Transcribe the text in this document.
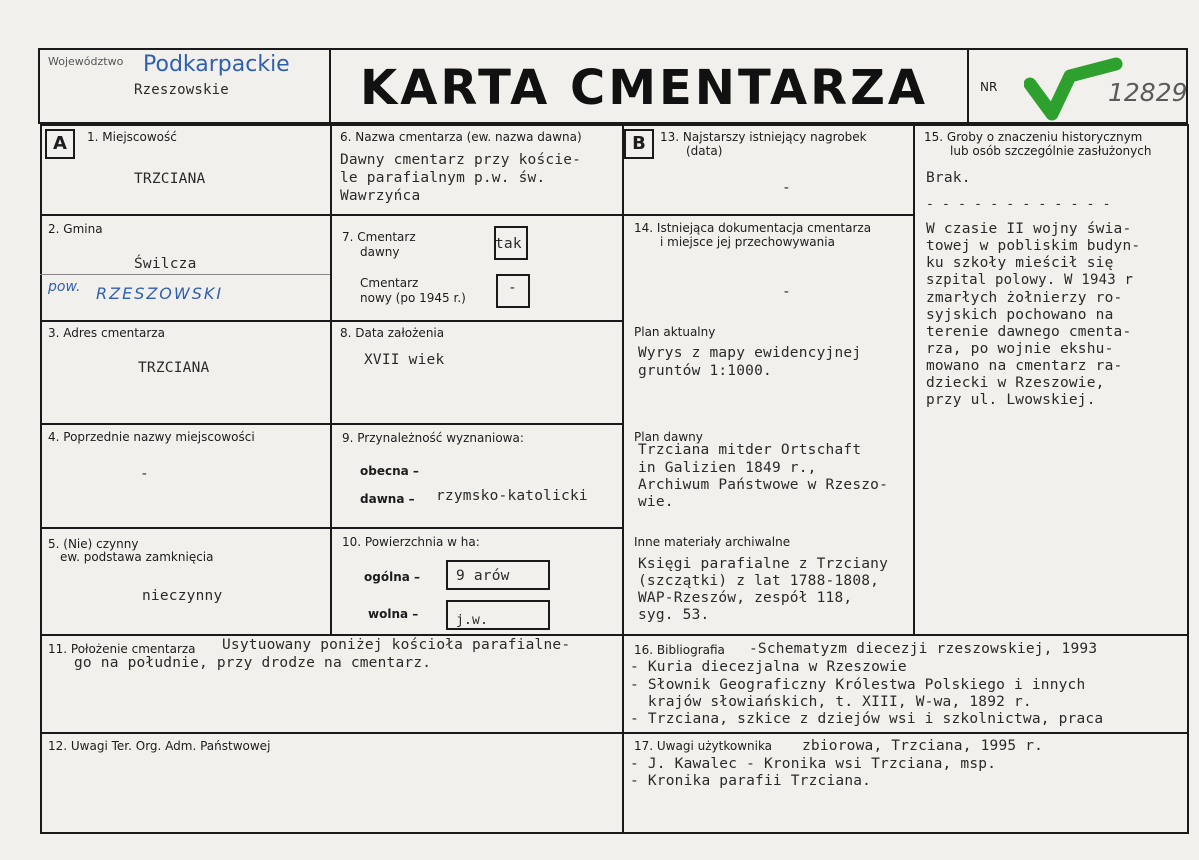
Województwo Podkarpackie
Rzeszowskie	KARTA CMENTARZA	NR	12829
A	B
1. Miejscowość
TRZCIANA
2. Gmina
Świlcza
pow. RZESZOWSKI
3. Adres cmentarza
TRZCIANA
4. Poprzednie nazwy miejscowości
-
5. (Nie) czynny
ew. podstawa zamknięcia
nieczynny
6. Nazwa cmentarza (ew. nazwa dawna)
Dawny cmentarz przy koście-
le parafialnym p.w. św.
Wawrzyńca
7. Cmentarz
dawny	tak
Cmentarz
nowy (po 1945 r.)
-
8. Data założenia
XVII wiek
9. Przynależność wyznaniowa:
obecna –
dawna – rzymsko-katolicki
10. Powierzchnia w ha:
ogólna – 9 arów
wolna –	j.w.
13. Najstarszy istniejący nagrobek
(data)
-
14. Istniejąca dokumentacja cmentarza
i miejsce jej przechowywania
-
Plan aktualny
Wyrys z mapy ewidencyjnej
gruntów 1:1000.
Plan dawny
Trzciana mitder Ortschaft
in Galizien 1849 r.,
Archiwum Państwowe w Rzeszo-
wie.
Inne materiały archiwalne
Księgi parafialne z Trzciany
(szczątki) z lat 1788-1808,
WAP-Rzeszów, zespół 118,
syg. 53.
15. Groby o znaczeniu historycznym
lub osób szczególnie zasłużonych
Brak.
- - - - - - - - - - - -
W czasie II wojny świa-
towej w pobliskim budyn-
ku szkoły mieścił się
szpital polowy. W 1943 r
zmarłych żołnierzy ro-
syjskich pochowano na
terenie dawnego cmenta-
rza, po wojnie ekshu-
mowano na cmentarz ra-
dziecki w Rzeszowie,
przy ul. Lwowskiej.
11. Położenie cmentarza Usytuowany poniżej kościoła parafialne-
go na południe, przy drodze na cmentarz.
12. Uwagi Ter. Org. Adm. Państwowej
16. Bibliografia -Schematyzm diecezji rzeszowskiej, 1993
- Kuria diecezjalna w Rzeszowie
- Słownik Geograficzny Królestwa Polskiego i innych
krajów słowiańskich, t. XIII, W-wa, 1892 r.
- Trzciana, szkice z dziejów wsi i szkolnictwa, praca
17. Uwagi użytkownika zbiorowa, Trzciana, 1995 r.
- J. Kawalec - Kronika wsi Trzciana, msp.
- Kronika parafii Trzciana.
